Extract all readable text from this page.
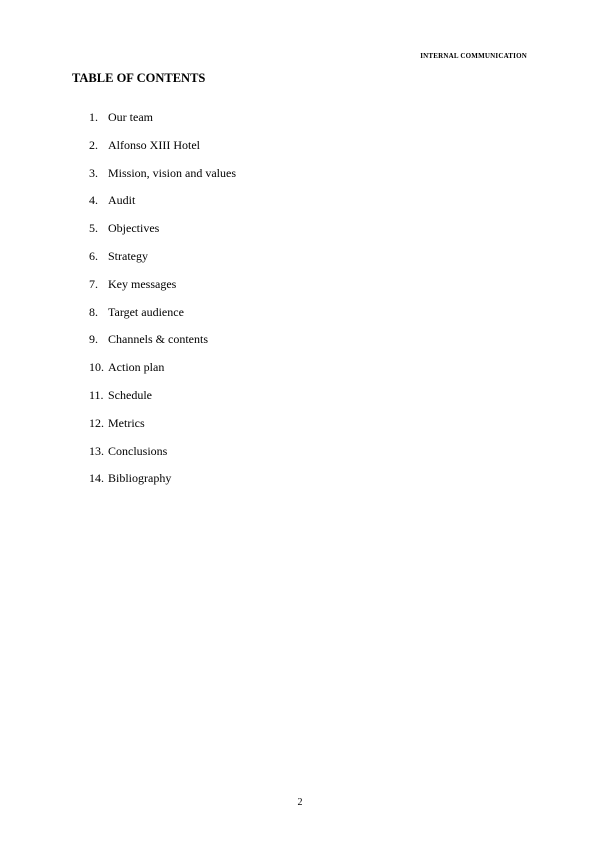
INTERNAL COMMUNICATION
TABLE OF CONTENTS
1. Our team
2. Alfonso XIII Hotel
3. Mission, vision and values
4. Audit
5. Objectives
6. Strategy
7. Key messages
8. Target audience
9. Channels & contents
10. Action plan
11. Schedule
12. Metrics
13. Conclusions
14. Bibliography
2
